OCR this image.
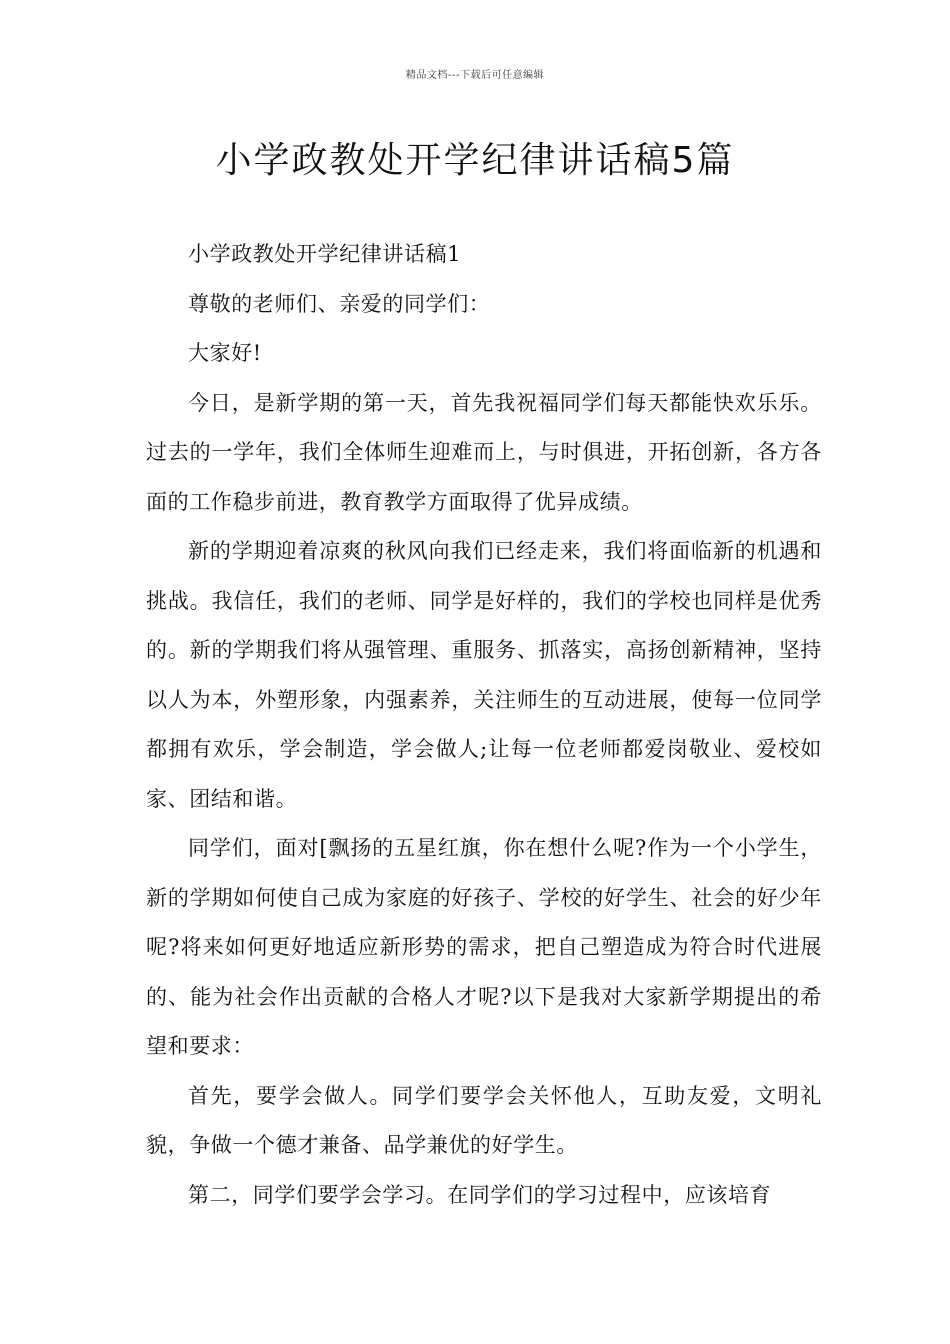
精品文档---下载后可任意编辑
小学政教处开学纪律讲话稿5篇

小学政教处开学纪律讲话稿1

尊敬的老师们、亲爱的同学们：

大家好!

今日，是新学期的第一天，首先我祝福同学们每天都能快欢乐乐。过去的一学年，我们全体师生迎难而上，与时俱进，开拓创新，各方各面的工作稳步前进，教育教学方面取得了优异成绩。

新的学期迎着凉爽的秋风向我们已经走来，我们将面临新的机遇和挑战。我信任，我们的老师、同学是好样的，我们的学校也同样是优秀的。新的学期我们将从强管理、重服务、抓落实，高扬创新精神，坚持以人为本，外塑形象，内强素养，关注师生的互动进展，使每一位同学都拥有欢乐，学会制造，学会做人;让每一位老师都爱岗敬业、爱校如家、团结和谐。

同学们，面对[飘扬的五星红旗，你在想什么呢?作为一个小学生，新的学期如何使自己成为家庭的好孩子、学校的好学生、社会的好少年呢?将来如何更好地适应新形势的需求，把自己塑造成为符合时代进展的、能为社会作出贡献的合格人才呢?以下是我对大家新学期提出的希望和要求：

首先，要学会做人。同学们要学会关怀他人，互助友爱，文明礼貌，争做一个德才兼备、品学兼优的好学生。

第二，同学们要学会学习。在同学们的学习过程中，应该培育
